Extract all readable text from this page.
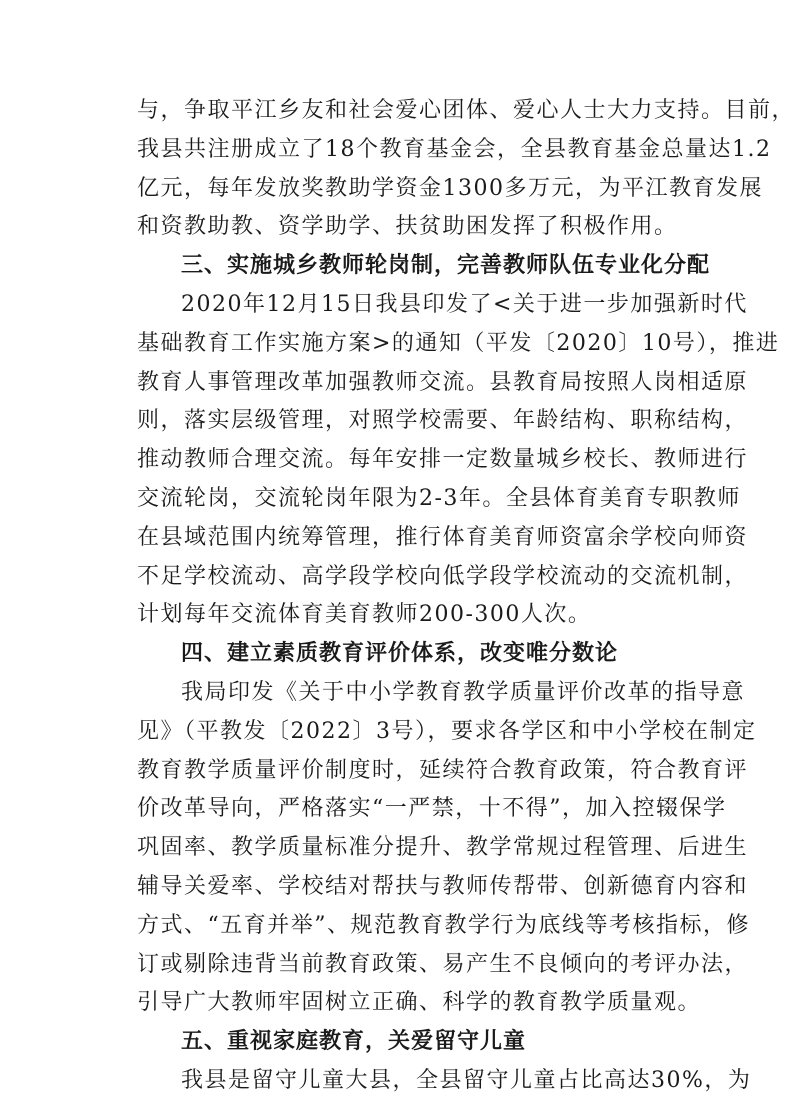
与，争取平江乡友和社会爱心团体、爱心人士大力支持。目前，
我县共注册成立了18个教育基金会，全县教育基金总量达1.2
亿元，每年发放奖教助学资金1300多万元，为平江教育发展
和资教助教、资学助学、扶贫助困发挥了积极作用。
三、实施城乡教师轮岗制，完善教师队伍专业化分配
2020年12月15日我县印发了<关于进一步加强新时代
基础教育工作实施方案>的通知（平发〔2020〕10号），推进
教育人事管理改革加强教师交流。县教育局按照人岗相适原
则，落实层级管理，对照学校需要、年龄结构、职称结构，
推动教师合理交流。每年安排一定数量城乡校长、教师进行
交流轮岗，交流轮岗年限为2-3年。全县体育美育专职教师
在县域范围内统筹管理，推行体育美育师资富余学校向师资
不足学校流动、高学段学校向低学段学校流动的交流机制，
计划每年交流体育美育教师200-300人次。
四、建立素质教育评价体系，改变唯分数论
我局印发《关于中小学教育教学质量评价改革的指导意
见》（平教发〔2022〕3号），要求各学区和中小学校在制定
教育教学质量评价制度时，延续符合教育政策，符合教育评
价改革导向，严格落实“一严禁，十不得”，加入控辍保学
巩固率、教学质量标准分提升、教学常规过程管理、后进生
辅导关爱率、学校结对帮扶与教师传帮带、创新德育内容和
方式、“五育并举”、规范教育教学行为底线等考核指标，修
订或剔除违背当前教育政策、易产生不良倾向的考评办法，
引导广大教师牢固树立正确、科学的教育教学质量观。
五、重视家庭教育，关爱留守儿童
我县是留守儿童大县，全县留守儿童占比高达30%，为
